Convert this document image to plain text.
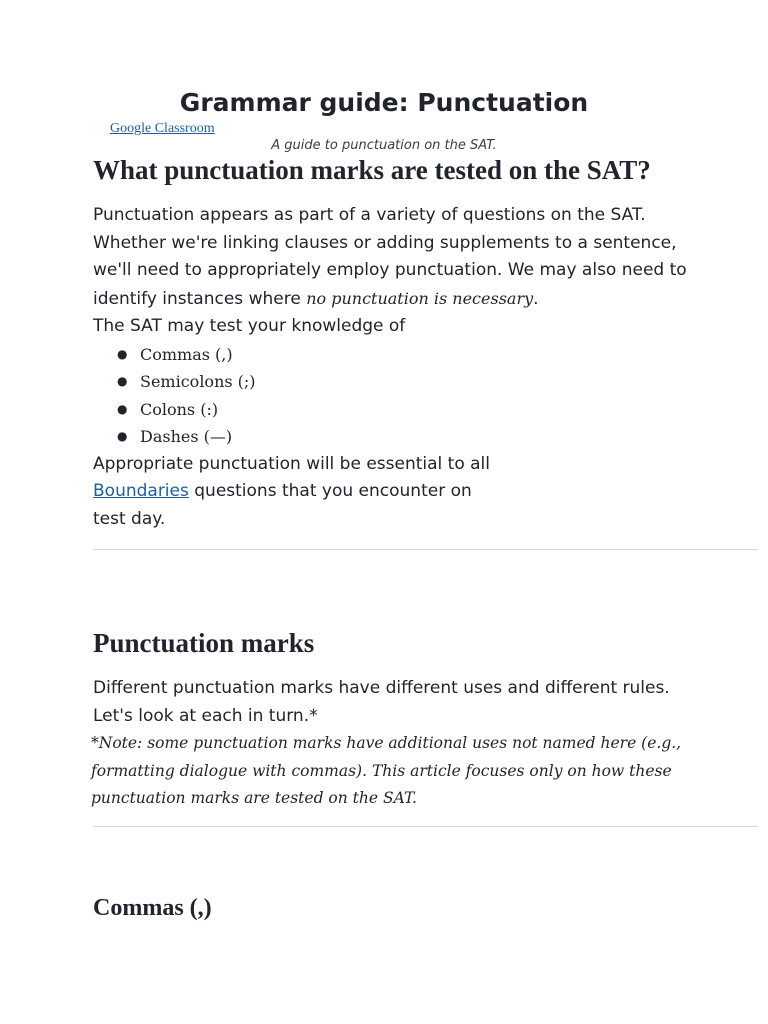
Grammar guide: Punctuation
Google Classroom
A guide to punctuation on the SAT.
What punctuation marks are tested on the SAT?

Punctuation appears as part of a variety of questions on the SAT. Whether we're linking clauses or adding supplements to a sentence, we'll need to appropriately employ punctuation. We may also need to identify instances where no punctuation is necessary.

The SAT may test your knowledge of

● Commas (,)
● Semicolons (;)
● Colons (:)
● Dashes (—)

Appropriate punctuation will be essential to all Boundaries questions that you encounter on test day.

Punctuation marks

Different punctuation marks have different uses and different rules. Let's look at each in turn.*

*Note: some punctuation marks have additional uses not named here (e.g., formatting dialogue with commas). This article focuses only on how these punctuation marks are tested on the SAT.

Commas (,)
